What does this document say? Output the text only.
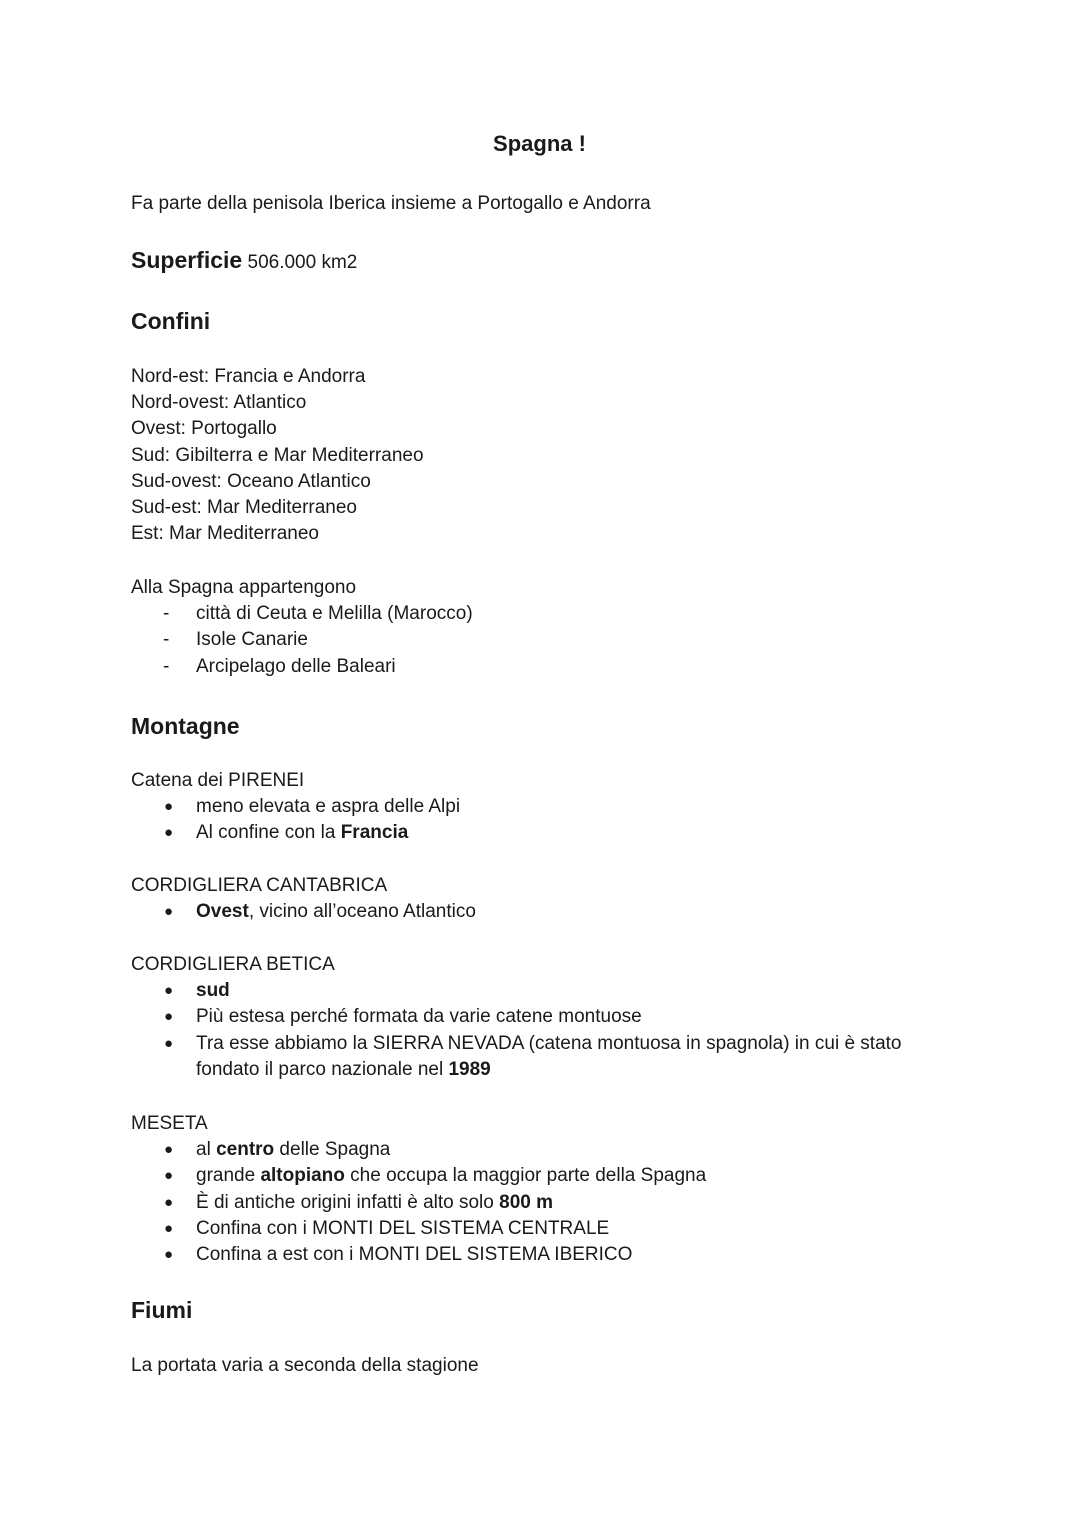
Spagna !

Fa parte della penisola Iberica insieme a Portogallo e Andorra

Superficie 506.000 km2

Confini
Nord-est: Francia e Andorra
Nord-ovest: Atlantico
Ovest: Portogallo
Sud: Gibilterra e Mar Mediterraneo
Sud-ovest: Oceano Atlantico
Sud-est: Mar Mediterraneo
Est: Mar Mediterraneo
Alla Spagna appartengono
- città di Ceuta e Melilla (Marocco)
- Isole Canarie
- Arcipelago delle Baleari
Montagne
Catena dei PIRENEI
● meno elevata e aspra delle Alpi
● Al confine con la Francia
CORDIGLIERA CANTABRICA
● Ovest, vicino all’oceano Atlantico
CORDIGLIERA BETICA
● sud
● Più estesa perché formata da varie catene montuose
● Tra esse abbiamo la SIERRA NEVADA (catena montuosa in spagnola) in cui è stato fondato il parco nazionale nel 1989
MESETA
● al centro delle Spagna
● grande altopiano che occupa la maggior parte della Spagna
● È di antiche origini infatti è alto solo 800 m
● Confina con i MONTI DEL SISTEMA CENTRALE
● Confina a est con i MONTI DEL SISTEMA IBERICO
Fiumi
La portata varia a seconda della stagione
